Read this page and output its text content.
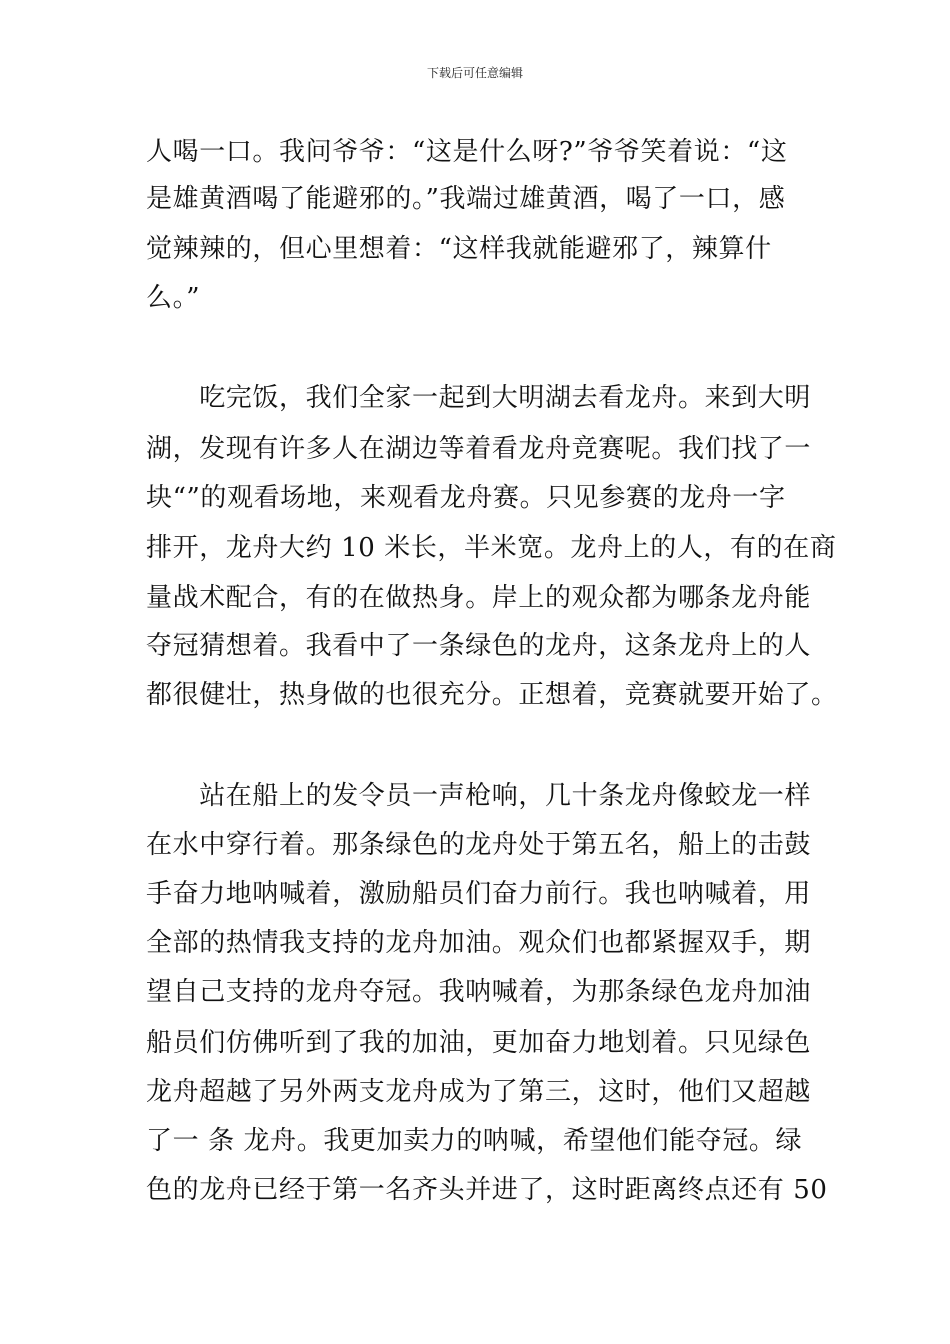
下载后可任意编辑
人喝一口。我问爷爷：“这是什么呀?”爷爷笑着说：“这
是雄黄酒喝了能避邪的。”我端过雄黄酒，喝了一口，感
觉辣辣的，但心里想着：“这样我就能避邪了，辣算什
么。”
　　吃完饭，我们全家一起到大明湖去看龙舟。来到大明
湖，发现有许多人在湖边等着看龙舟竞赛呢。我们找了一
块“”的观看场地，来观看龙舟赛。只见参赛的龙舟一字
排开，龙舟大约 10 米长，半米宽。龙舟上的人，有的在商
量战术配合，有的在做热身。岸上的观众都为哪条龙舟能
夺冠猜想着。我看中了一条绿色的龙舟，这条龙舟上的人
都很健壮，热身做的也很充分。正想着，竞赛就要开始了。
　　站在船上的发令员一声枪响，几十条龙舟像蛟龙一样
在水中穿行着。那条绿色的龙舟处于第五名，船上的击鼓
手奋力地呐喊着，激励船员们奋力前行。我也呐喊着，用
全部的热情我支持的龙舟加油。观众们也都紧握双手，期
望自己支持的龙舟夺冠。我呐喊着，为那条绿色龙舟加油
船员们仿佛听到了我的加油，更加奋力地划着。只见绿色
龙舟超越了另外两支龙舟成为了第三，这时，他们又超越
了一 条 龙舟。我更加卖力的呐喊，希望他们能夺冠。绿
色的龙舟已经于第一名齐头并进了，这时距离终点还有 50
